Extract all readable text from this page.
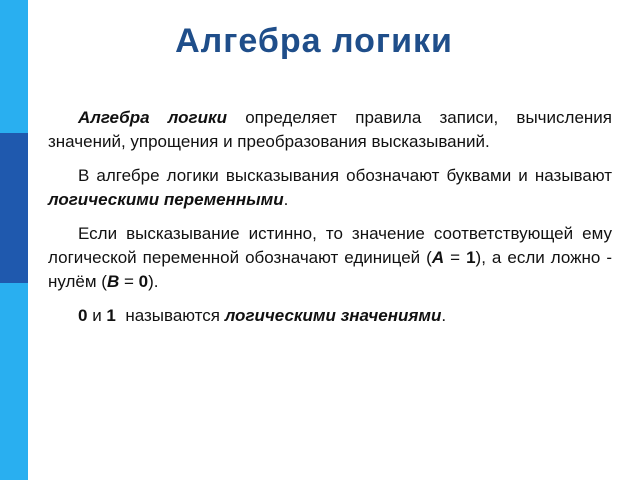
Алгебра логики

Алгебра логики определяет правила записи, вычисления значений, упрощения и преобразования высказываний.

В алгебре логики высказывания обозначают буквами и называют логическими переменными.

Если высказывание истинно, то значение соответствующей ему логической переменной обозначают единицей (A = 1), а если ложно - нулём (B = 0).

0 и 1  называются логическими значениями.
